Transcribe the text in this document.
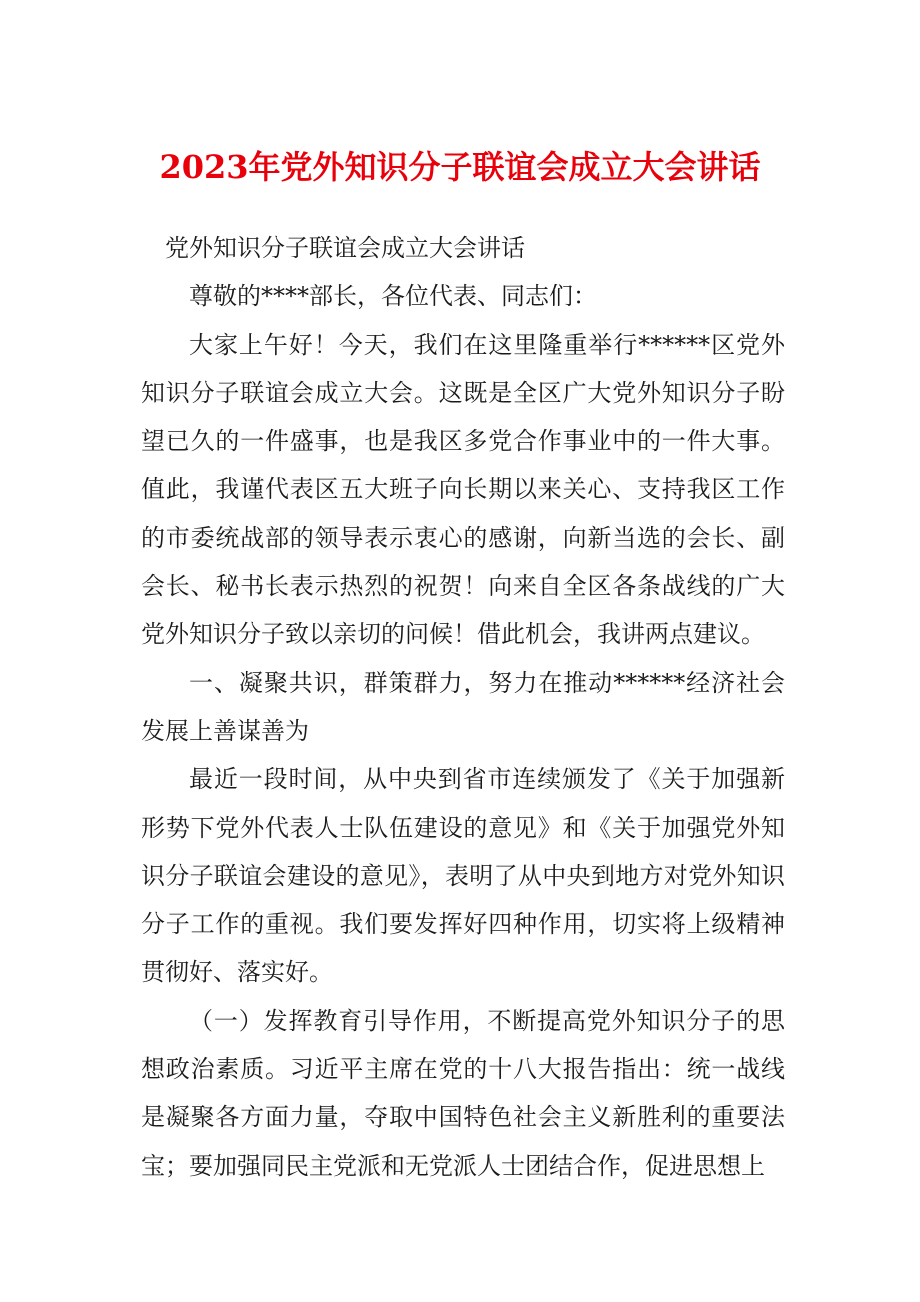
2023年党外知识分子联谊会成立大会讲话

党外知识分子联谊会成立大会讲话

尊敬的****部长，各位代表、同志们：

大家上午好！今天，我们在这里隆重举行******区党外知识分子联谊会成立大会。这既是全区广大党外知识分子盼望已久的一件盛事，也是我区多党合作事业中的一件大事。值此，我谨代表区五大班子向长期以来关心、支持我区工作的市委统战部的领导表示衷心的感谢，向新当选的会长、副会长、秘书长表示热烈的祝贺！向来自全区各条战线的广大党外知识分子致以亲切的问候！借此机会，我讲两点建议。

一、凝聚共识，群策群力，努力在推动******经济社会发展上善谋善为

最近一段时间，从中央到省市连续颁发了《关于加强新形势下党外代表人士队伍建设的意见》和《关于加强党外知识分子联谊会建设的意见》，表明了从中央到地方对党外知识分子工作的重视。我们要发挥好四种作用，切实将上级精神贯彻好、落实好。

（一）发挥教育引导作用，不断提高党外知识分子的思想政治素质。习近平主席在党的十八大报告指出：统一战线是凝聚各方面力量，夺取中国特色社会主义新胜利的重要法宝；要加强同民主党派和无党派人士团结合作，促进思想上
